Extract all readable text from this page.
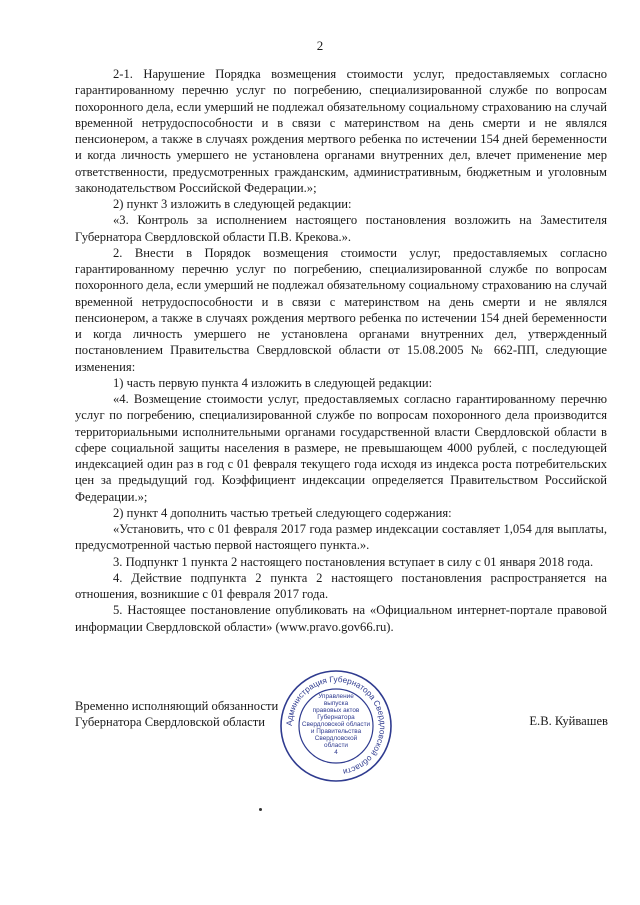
2

2-1. Нарушение Порядка возмещения стоимости услуг, предоставляемых согласно гарантированному перечню услуг по погребению, специализированной службе по вопросам похоронного дела, если умерший не подлежал обязательному социальному страхованию на случай временной нетрудоспособности и в связи с материнством на день смерти и не являлся пенсионером, а также в случаях рождения мертвого ребенка по истечении 154 дней беременности и когда личность умершего не установлена органами внутренних дел, влечет применение мер ответственности, предусмотренных гражданским, административным, бюджетным и уголовным законодательством Российской Федерации.»;

2) пункт 3 изложить в следующей редакции:

«3. Контроль за исполнением настоящего постановления возложить на Заместителя Губернатора Свердловской области П.В. Крекова.».

2. Внести в Порядок возмещения стоимости услуг, предоставляемых согласно гарантированному перечню услуг по погребению, специализированной службе по вопросам похоронного дела, если умерший не подлежал обязательному социальному страхованию на случай временной нетрудоспособности и в связи с материнством на день смерти и не являлся пенсионером, а также в случаях рождения мертвого ребенка по истечении 154 дней беременности и когда личность умершего не установлена органами внутренних дел, утвержденный постановлением Правительства Свердловской области от 15.08.2005 № 662-ПП, следующие изменения:

1) часть первую пункта 4 изложить в следующей редакции:

«4. Возмещение стоимости услуг, предоставляемых согласно гарантированному перечню услуг по погребению, специализированной службе по вопросам похоронного дела производится территориальными исполнительными органами государственной власти Свердловской области в сфере социальной защиты населения в размере, не превышающем 4000 рублей, с последующей индексацией один раз в год с 01 февраля текущего года исходя из индекса роста потребительских цен за предыдущий год. Коэффициент индексации определяется Правительством Российской Федерации.»;

2) пункт 4 дополнить частью третьей следующего содержания:

«Установить, что с 01 февраля 2017 года размер индексации составляет 1,054 для выплаты, предусмотренной частью первой настоящего пункта.».

3. Подпункт 1 пункта 2 настоящего постановления вступает в силу с 01 января 2018 года.

4. Действие подпункта 2 пункта 2 настоящего постановления распространяется на отношения, возникшие с 01 февраля 2017 года.

5. Настоящее постановление опубликовать на «Официальном интернет-портале правовой информации Свердловской области» (www.pravo.gov66.ru).

Временно исполняющий обязанности
Губернатора Свердловской области	Е.В. Куйвашев
Администрация Губернатора Свердловской области
Управление
выпуска
правовых актов
Губернатора
Свердловской области
и Правительства
Свердловской
области
4
